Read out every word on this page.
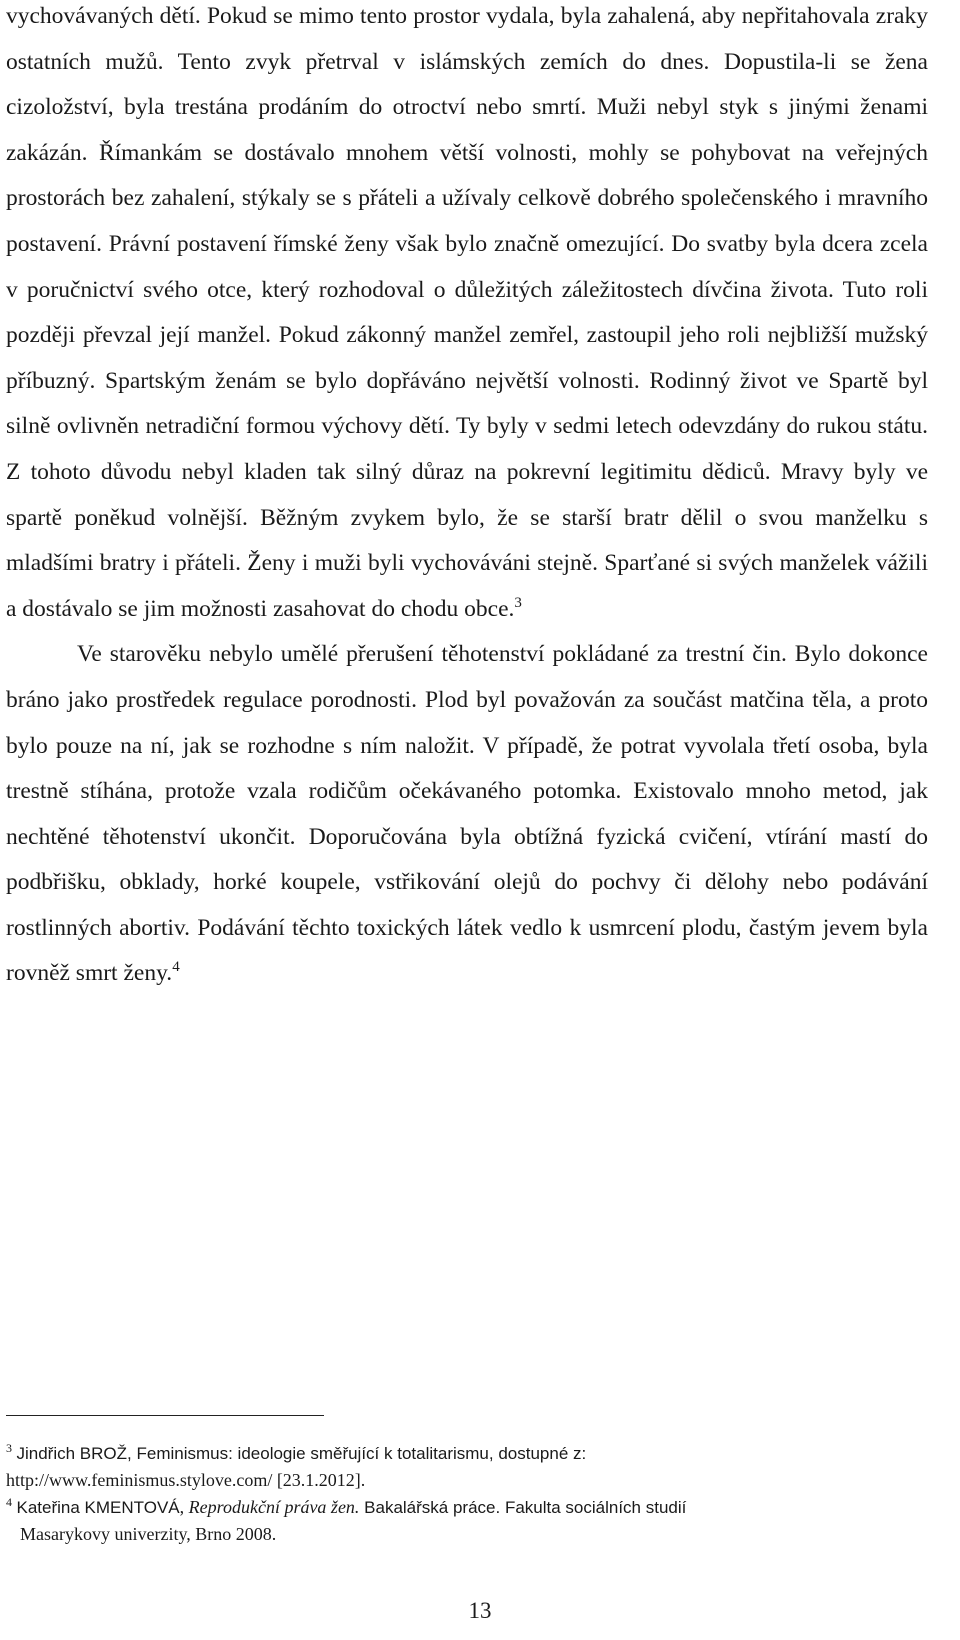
vychovávaných dětí. Pokud se mimo tento prostor vydala, byla zahalená, aby nepřitahovala zraky ostatních mužů. Tento zvyk přetrval v islámských zemích do dnes. Dopustila-li se žena cizoložství, byla trestána prodáním do otroctví nebo smrtí. Muži nebyl styk s jinými ženami zakázán. Římankám se dostávalo mnohem větší volnosti, mohly se pohybovat na veřejných prostorách bez zahalení, stýkaly se s přáteli a užívaly celkově dobrého společenského i mravního postavení. Právní postavení římské ženy však bylo značně omezující. Do svatby byla dcera zcela v poručnictví svého otce, který rozhodoval o důležitých záležitostech dívčina života. Tuto roli později převzal její manžel. Pokud zákonný manžel zemřel, zastoupil jeho roli nejbližší mužský příbuzný. Spartským ženám se bylo dopřáváno největší volnosti. Rodinný život ve Spartě byl silně ovlivněn netradiční formou výchovy dětí. Ty byly v sedmi letech odevzdány do rukou státu. Z tohoto důvodu nebyl kladen tak silný důraz na pokrevní legitimitu dědiců. Mravy byly ve spartě poněkud volnější. Běžným zvykem bylo, že se starší bratr dělil o svou manželku s mladšími bratry i přáteli. Ženy i muži byli vychováváni stejně. Sparťané si svých manželek vážili a dostávalo se jim možnosti zasahovat do chodu obce.$^3$

Ve starověku nebylo umělé přerušení těhotenství pokládané za trestní čin. Bylo dokonce bráno jako prostředek regulace porodnosti. Plod byl považován za součást matčina těla, a proto bylo pouze na ní, jak se rozhodne s ním naložit. V případě, že potrat vyvolala třetí osoba, byla trestně stíhána, protože vzala rodičům očekávaného potomka. Existovalo mnoho metod, jak nechtěné těhotenství ukončit. Doporučována byla obtížná fyzická cvičení, vtírání mastí do podbřišku, obklady, horké koupele, vstřikování olejů do pochvy či dělohy nebo podávání rostlinných abortiv. Podávání těchto toxických látek vedlo k usmrcení plodu, častým jevem byla rovněž smrt ženy.$^4$

$^3$ Jindřich BROŽ, Feminismus: ideologie směřující k totalitarismu, dostupné z:
http://www.feminismus.stylove.com/ [23.1.2012].

$^4$ Kateřina KMENTOVÁ, Reprodukční práva žen. Bakalářská práce. Fakulta sociálních studií
Masarykovy univerzity, Brno 2008.

13
